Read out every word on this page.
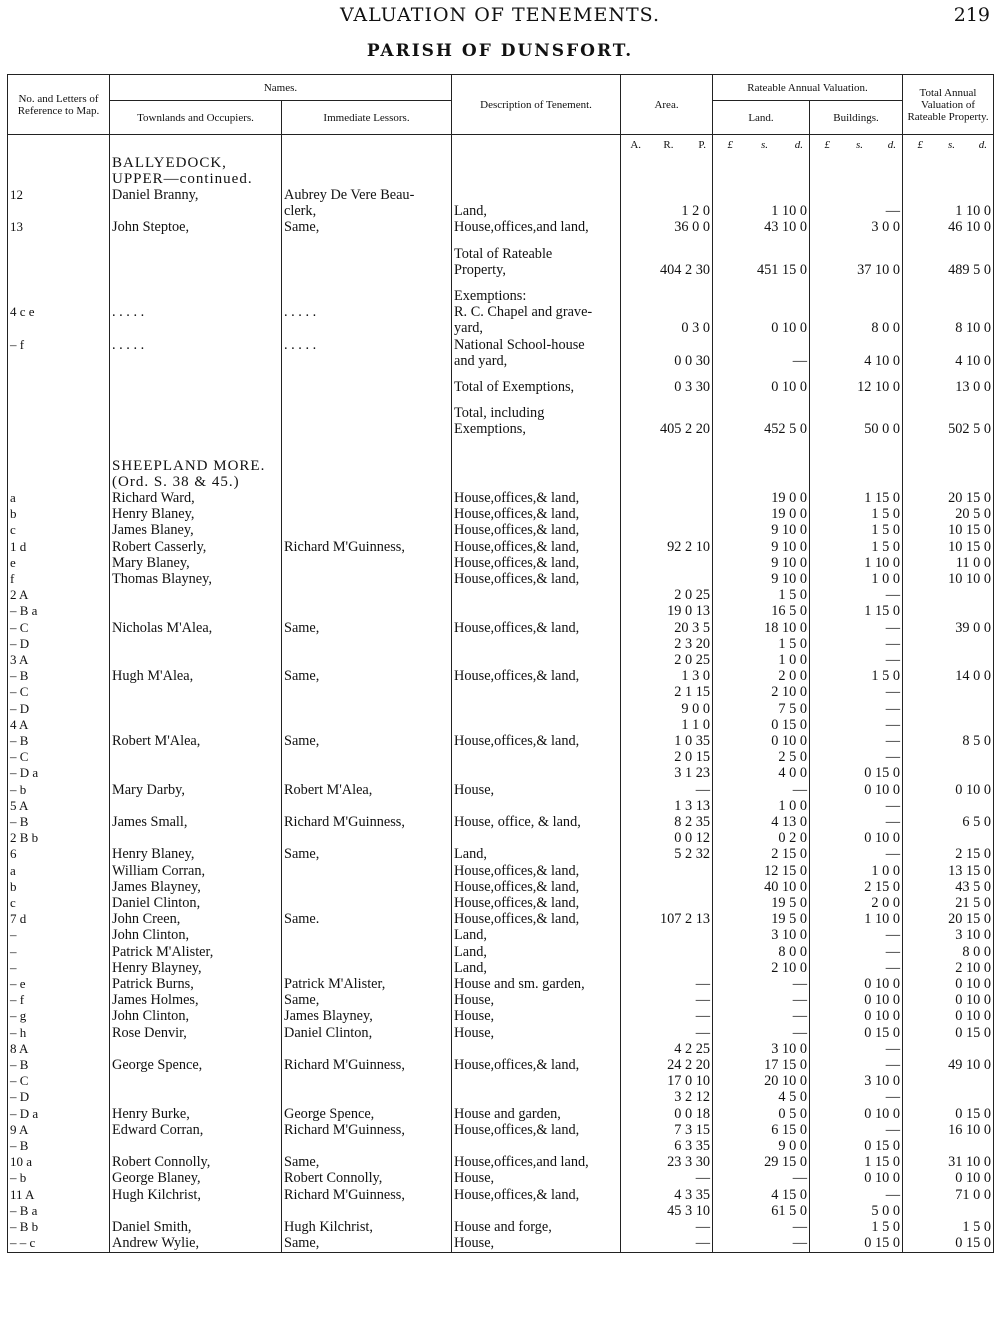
VALUATION OF TENEMENTS.	219
PARISH OF DUNSFORT.
No. and Letters of Reference to Map.	Names.		Description of Tenement.	Area.	Rateable Annual Valuation.		Total Annual Valuation of Rateable Property.
	Townlands and Occupiers.	Immediate Lessors.			Land.	Buildings.	

				A. R. P.	£ s. d.	£ s. d.	£ s. d.

	BALLYEDOCK,						
	UPPER—continued.						
12	Daniel Branny,	Aubrey De Vere Beau-					
		clerk,	Land,	1 2 0	1 10 0	—	1 10 0
13	John Steptoe,	Same,	House,offices,and land,	36 0 0	43 10 0	3 0 0	46 10 0

			Total of Rateable				
			Property,	404 2 30	451 15 0	37 10 0	489 5 0

			Exemptions:				
4 c e	. . . . .	. . . . .	R. C. Chapel and grave-				
			yard,	0 3 0	0 10 0	8 0 0	8 10 0
– f	. . . . .	. . . . .	National School-house				
			and yard,	0 0 30	—	4 10 0	4 10 0

			Total of Exemptions,	0 3 30	0 10 0	12 10 0	13 0 0

			Total, including				
			Exemptions,	405 2 20	452 5 0	50 0 0	502 5 0

	SHEEPLAND MORE.						
	(Ord. S. 38 & 45.)						
a	Richard Ward,		House,offices,& land,		19 0 0	1 15 0	20 15 0
b	Henry Blaney,		House,offices,& land,		19 0 0	1 5 0	20 5 0
c	James Blaney,		House,offices,& land,		9 10 0	1 5 0	10 15 0
1 d	Robert Casserly,	Richard M'Guinness,	House,offices,& land,	92 2 10	9 10 0	1 5 0	10 15 0
e	Mary Blaney,		House,offices,& land,		9 10 0	1 10 0	11 0 0
f	Thomas Blayney,		House,offices,& land,		9 10 0	1 0 0	10 10 0
2 A				2 0 25	1 5 0	—	
– B a				19 0 13	16 5 0	1 15 0	
– C	Nicholas M'Alea,	Same,	House,offices,& land,	20 3 5	18 10 0	—	39 0 0
– D				2 3 20	1 5 0	—	
3 A				2 0 25	1 0 0	—	
– B	Hugh M'Alea,	Same,	House,offices,& land,	1 3 0	2 0 0	1 5 0	14 0 0
– C				2 1 15	2 10 0	—	
– D				9 0 0	7 5 0	—	
4 A				1 1 0	0 15 0	—	
– B	Robert M'Alea,	Same,	House,offices,& land,	1 0 35	0 10 0	—	8 5 0
– C				2 0 15	2 5 0	—	
– D a				3 1 23	4 0 0	0 15 0	
– b	Mary Darby,	Robert M'Alea,	House,	—	—	0 10 0	0 10 0
5 A				1 3 13	1 0 0	—	
– B	James Small,	Richard M'Guinness,	House, office, & land,	8 2 35	4 13 0	—	6 5 0
2 B b				0 0 12	0 2 0	0 10 0	
6	Henry Blaney,	Same,	Land,	5 2 32	2 15 0	—	2 15 0
a	William Corran,		House,offices,& land,		12 15 0	1 0 0	13 15 0
b	James Blayney,		House,offices,& land,		40 10 0	2 15 0	43 5 0
c	Daniel Clinton,		House,offices,& land,		19 5 0	2 0 0	21 5 0
7 d	John Creen,	Same.	House,offices,& land,	107 2 13	19 5 0	1 10 0	20 15 0
–	John Clinton,		Land,		3 10 0	—	3 10 0
–	Patrick M'Alister,		Land,		8 0 0	—	8 0 0
–	Henry Blayney,		Land,		2 10 0	—	2 10 0
– e	Patrick Burns,	Patrick M'Alister,	House and sm. garden,	—	—	0 10 0	0 10 0
– f	James Holmes,	Same,	House,	—	—	0 10 0	0 10 0
– g	John Clinton,	James Blayney,	House,	—	—	0 10 0	0 10 0
– h	Rose Denvir,	Daniel Clinton,	House,	—	—	0 15 0	0 15 0
8 A				4 2 25	3 10 0	—	
– B	George Spence,	Richard M'Guinness,	House,offices,& land,	24 2 20	17 15 0	—	49 10 0
– C				17 0 10	20 10 0	3 10 0	
– D				3 2 12	4 5 0	—	
– D a	Henry Burke,	George Spence,	House and garden,	0 0 18	0 5 0	0 10 0	0 15 0
9 A	Edward Corran,	Richard M'Guinness,	House,offices,& land,	7 3 15	6 15 0	—	16 10 0
– B				6 3 35	9 0 0	0 15 0	
10 a	Robert Connolly,	Same,	House,offices,and land,	23 3 30	29 15 0	1 15 0	31 10 0
– b	George Blaney,	Robert Connolly,	House,	—	—	0 10 0	0 10 0
11 A	Hugh Kilchrist,	Richard M'Guinness,	House,offices,& land,	4 3 35	4 15 0	—	71 0 0
– B a				45 3 10	61 5 0	5 0 0	
– B b	Daniel Smith,	Hugh Kilchrist,	House and forge,	—	—	1 5 0	1 5 0
– – c	Andrew Wylie,	Same,	House,	—	—	0 15 0	0 15 0
